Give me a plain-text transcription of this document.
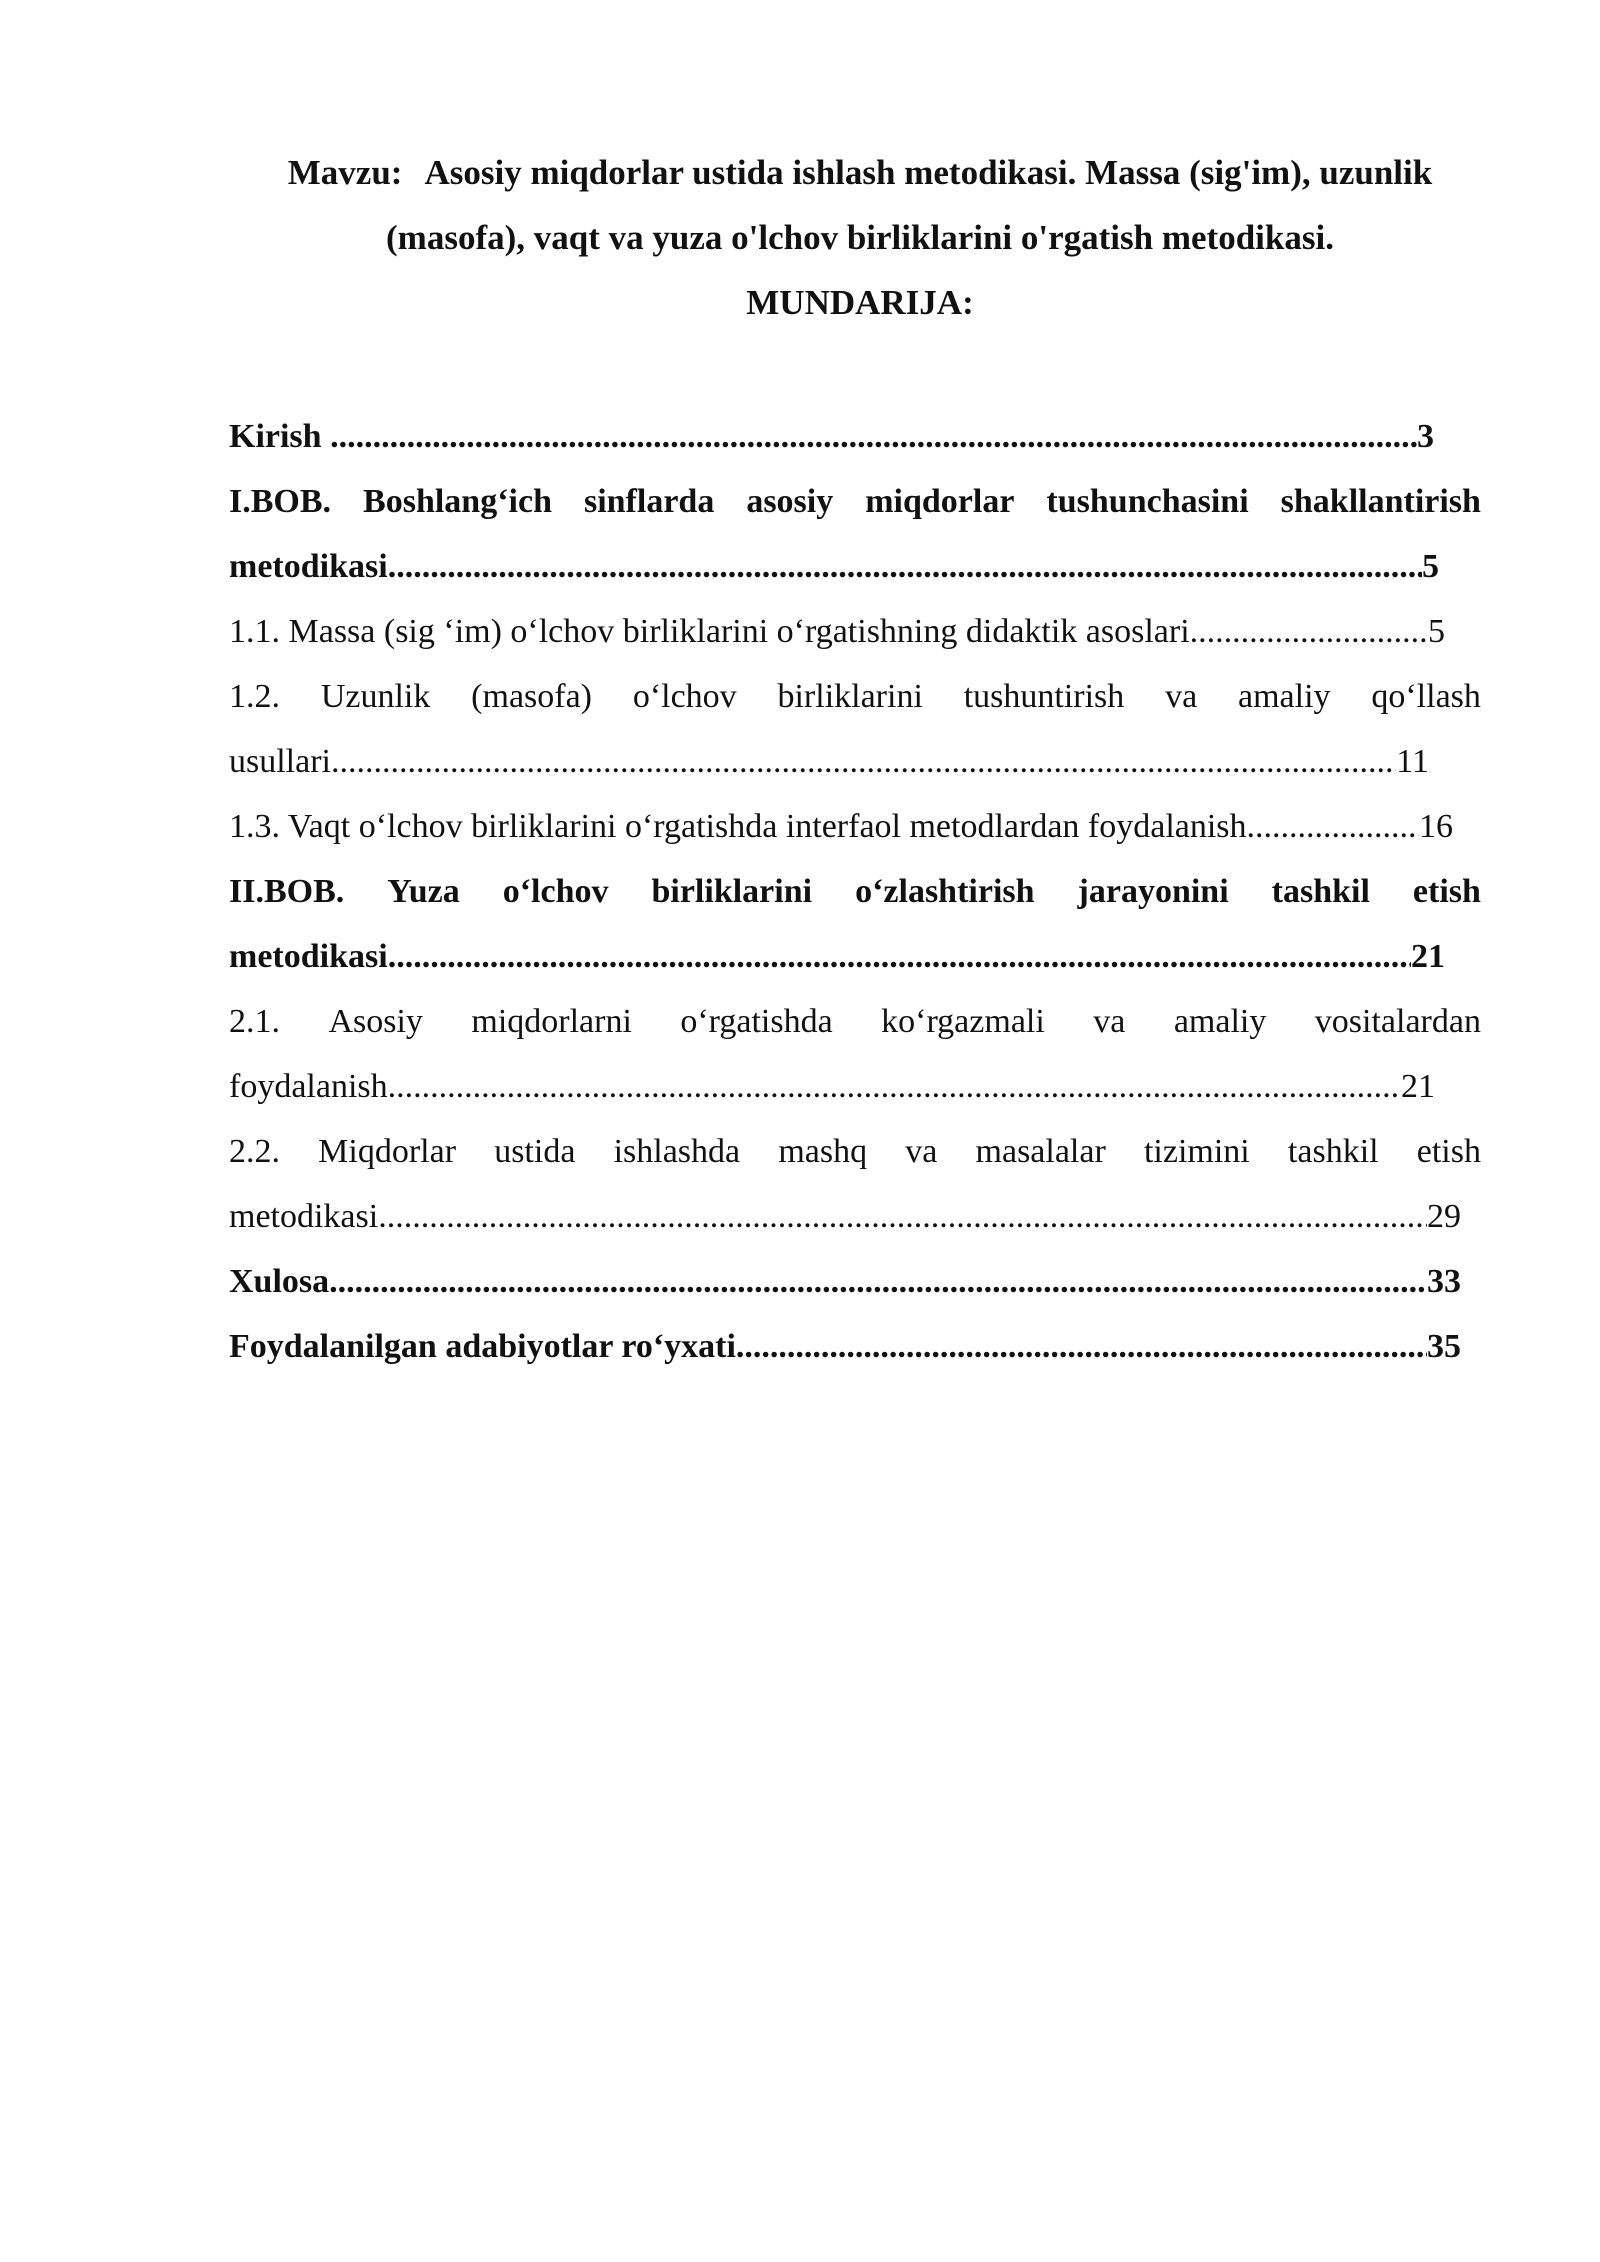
Mavzu: Asosiy miqdorlar ustida ishlash metodikasi. Massa (sig'im), uzunlik
(masofa), vaqt va yuza o'lchov birliklarini o'rgatish metodikasi.
MUNDARIJA:
Kirish .....	3
I.BOB. Boshlang‘ich sinflarda asosiy miqdorlar tushunchasini shakllantirish
metodikasi .....	5
1.1. Massa (sig ‘im) o‘lchov birliklarini o‘rgatishning didaktik asoslari .....	5
1.2. Uzunlik (masofa) o‘lchov birliklarini tushuntirish va amaliy qo‘llash
usullari .....	11
1.3. Vaqt o‘lchov birliklarini o‘rgatishda interfaol metodlardan foydalanish .....	16
II.BOB. Yuza o‘lchov birliklarini o‘zlashtirish jarayonini tashkil etish
metodikasi .....	21
2.1. Asosiy miqdorlarni o‘rgatishda ko‘rgazmali va amaliy vositalardan
foydalanish .....	21
2.2. Miqdorlar ustida ishlashda mashq va masalalar tizimini tashkil etish
metodikasi .....	29
Xulosa .....	33
Foydalanilgan adabiyotlar ro‘yxati .....	35
